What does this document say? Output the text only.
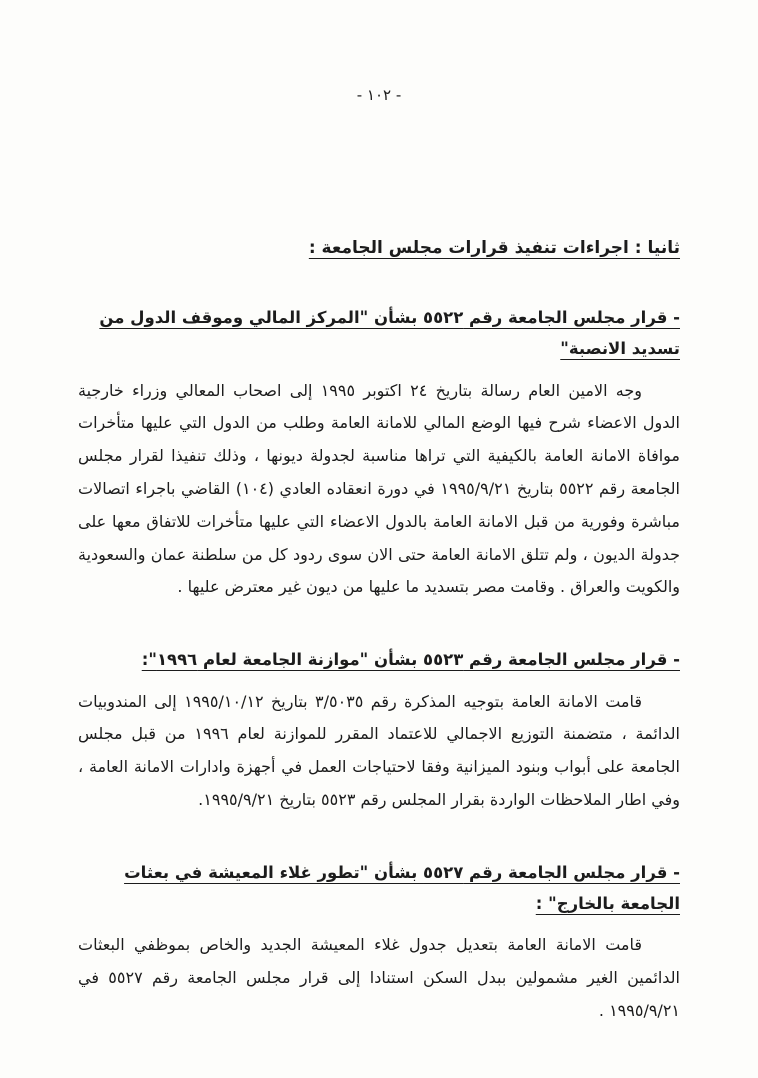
- ١٠٢ -
ثانيا : اجراءات تنفيذ قرارات مجلس الجامعة :
- قرار مجلس الجامعة رقم ٥٥٢٢ بشأن "المركز المالي وموقف الدول من تسديد الانصبة"

وجه الامين العام رسالة بتاريخ ٢٤ اكتوبر ١٩٩٥ إلى اصحاب المعالي وزراء خارجية الدول الاعضاء شرح فيها الوضع المالي للامانة العامة وطلب من الدول التي عليها متأخرات موافاة الامانة العامة بالكيفية التي تراها مناسبة لجدولة ديونها ، وذلك تنفيذا لقرار مجلس الجامعة رقم ٥٥٢٢ بتاريخ ١٩٩٥/٩/٢١ في دورة انعقاده العادي (١٠٤) القاضي باجراء اتصالات مباشرة وفورية من قبل الامانة العامة بالدول الاعضاء التي عليها متأخرات للاتفاق معها على جدولة الديون ، ولم تتلق الامانة العامة حتى الان سوى ردود كل من سلطنة عمان والسعودية والكويت والعراق . وقامت مصر بتسديد ما عليها من ديون غير معترض عليها .

- قرار مجلس الجامعة رقم ٥٥٢٣ بشأن "موازنة الجامعة لعام ١٩٩٦":

قامت الامانة العامة بتوجيه المذكرة رقم ٣/٥٠٣٥ بتاريخ ١٩٩٥/١٠/١٢ إلى المندوبيات الدائمة ، متضمنة التوزيع الاجمالي للاعتماد المقرر للموازنة لعام ١٩٩٦ من قبل مجلس الجامعة على أبواب وبنود الميزانية وفقا لاحتياجات العمل في أجهزة وادارات الامانة العامة ، وفي اطار الملاحظات الواردة بقرار المجلس رقم ٥٥٢٣ بتاريخ ١٩٩٥/٩/٢١.

- قرار مجلس الجامعة رقم ٥٥٢٧ بشأن "تطور غلاء المعيشة في بعثات الجامعة بالخارج" :

قامت الامانة العامة بتعديل جدول غلاء المعيشة الجديد والخاص بموظفي البعثات الدائمين الغير مشمولين ببدل السكن استنادا إلى قرار مجلس الجامعة رقم ٥٥٢٧ في ١٩٩٥/٩/٢١ .
